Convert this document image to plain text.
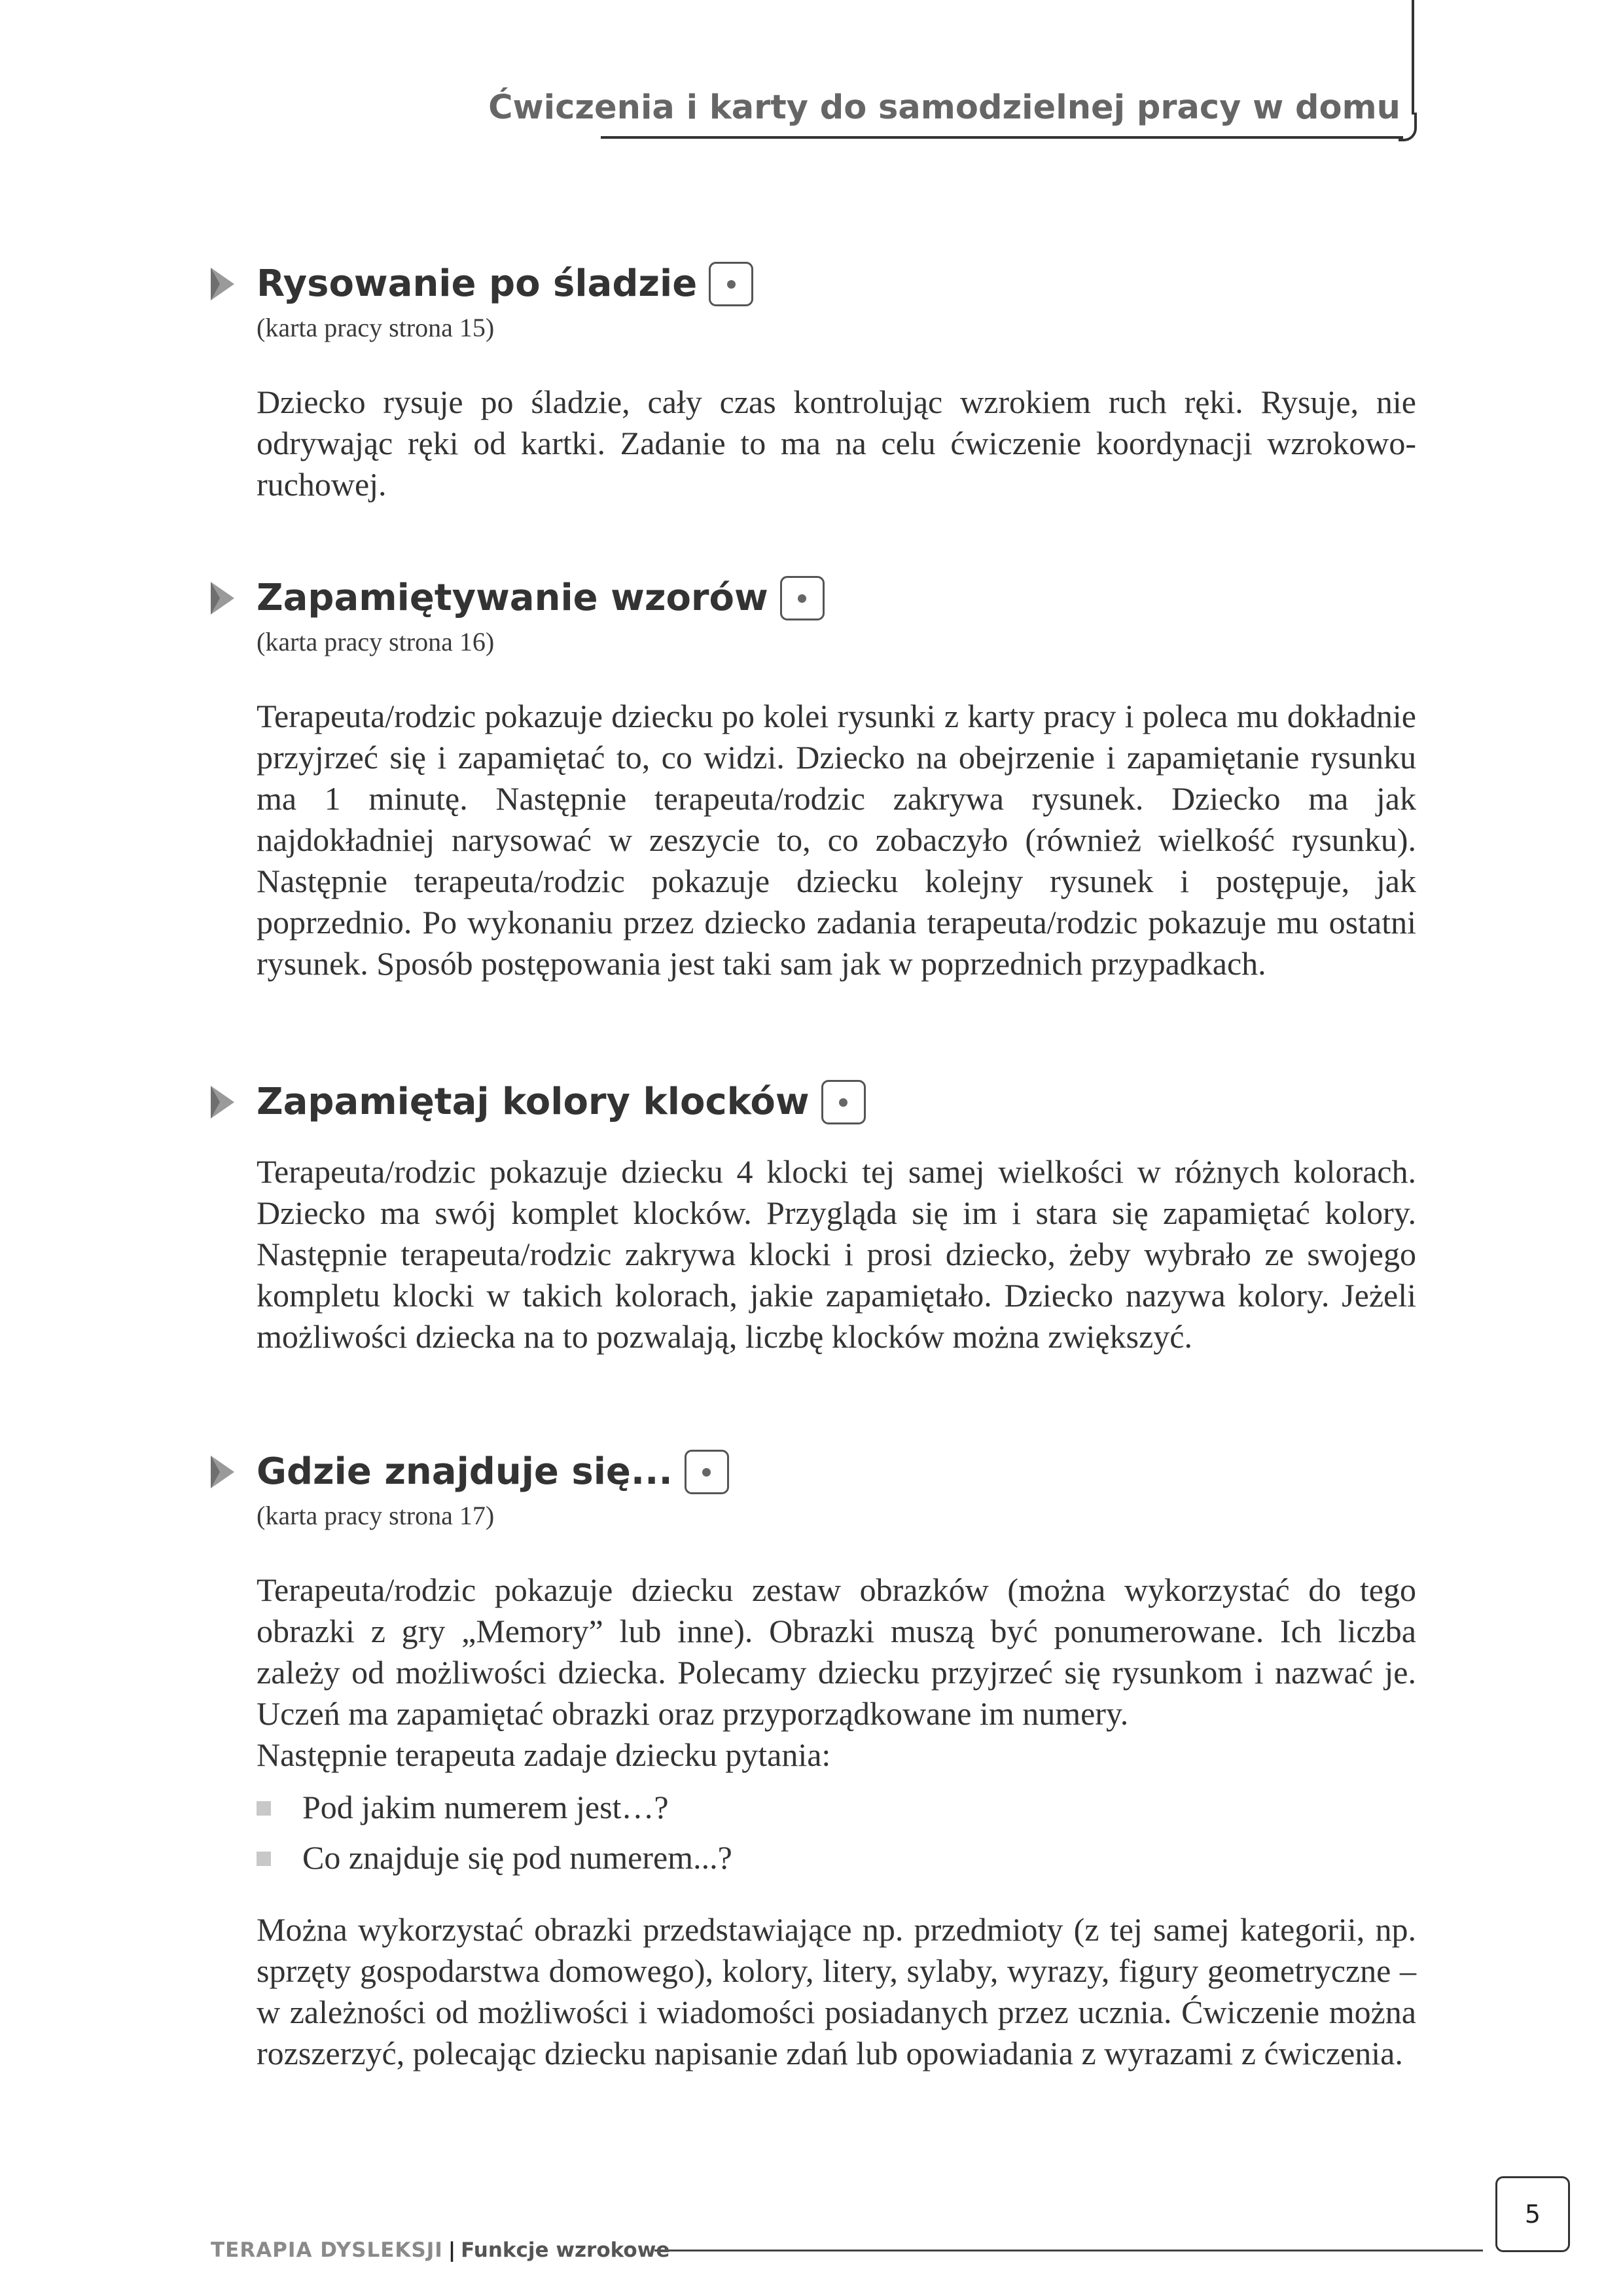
Ćwiczenia i karty do samodzielnej pracy w domu
Rysowanie po śladzie
(karta pracy strona 15)
Dziecko rysuje po śladzie, cały czas kontrolując wzrokiem ruch ręki. Rysuje, nie odrywając ręki od kartki. Zadanie to ma na celu ćwiczenie koordynacji wzrokowo-ruchowej.
Zapamiętywanie wzorów
(karta pracy strona 16)
Terapeuta/rodzic pokazuje dziecku po kolei rysunki z karty pracy i poleca mu dokładnie przyjrzeć się i zapamiętać to, co widzi. Dziecko na obejrzenie i zapamiętanie rysunku ma 1 minutę. Następnie terapeuta/rodzic zakrywa rysunek. Dziecko ma jak najdokładniej narysować w zeszycie to, co zobaczyło (również wielkość rysunku). Następnie terapeuta/rodzic pokazuje dziecku kolejny rysunek i postępuje, jak poprzednio. Po wykonaniu przez dziecko zadania terapeuta/rodzic pokazuje mu ostatni rysunek. Sposób postępowania jest taki sam jak w poprzednich przypadkach.
Zapamiętaj kolory klocków
Terapeuta/rodzic pokazuje dziecku 4 klocki tej samej wielkości w różnych kolorach. Dziecko ma swój komplet klocków. Przygląda się im i stara się zapamiętać kolory. Następnie terapeuta/rodzic zakrywa klocki i prosi dziecko, żeby wybrało ze swojego kompletu klocki w takich kolorach, jakie zapamiętało. Dziecko nazywa kolory. Jeżeli możliwości dziecka na to pozwalają, liczbę klocków można zwiększyć.
Gdzie znajduje się...
(karta pracy strona 17)
Terapeuta/rodzic pokazuje dziecku zestaw obrazków (można wykorzystać do tego obrazki z gry „Memory” lub inne). Obrazki muszą być ponumerowane. Ich liczba zależy od możliwości dziecka. Polecamy dziecku przyjrzeć się rysunkom i nazwać je. Uczeń ma zapamiętać obrazki oraz przyporządkowane im numery.
Następnie terapeuta zadaje dziecku pytania:
Pod jakim numerem jest…?
Co znajduje się pod numerem...?
Można wykorzystać obrazki przedstawiające np. przedmioty (z tej samej kategorii, np. sprzęty gospodarstwa domowego), kolory, litery, sylaby, wyrazy, figury geometryczne – w zależności od możliwości i wiadomości posiadanych przez ucznia. Ćwiczenie można rozszerzyć, polecając dziecku napisanie zdań lub opowiadania z wyrazami z ćwiczenia.
TERAPIA DYSLEKSJI | Funkcje wzrokowe
5
